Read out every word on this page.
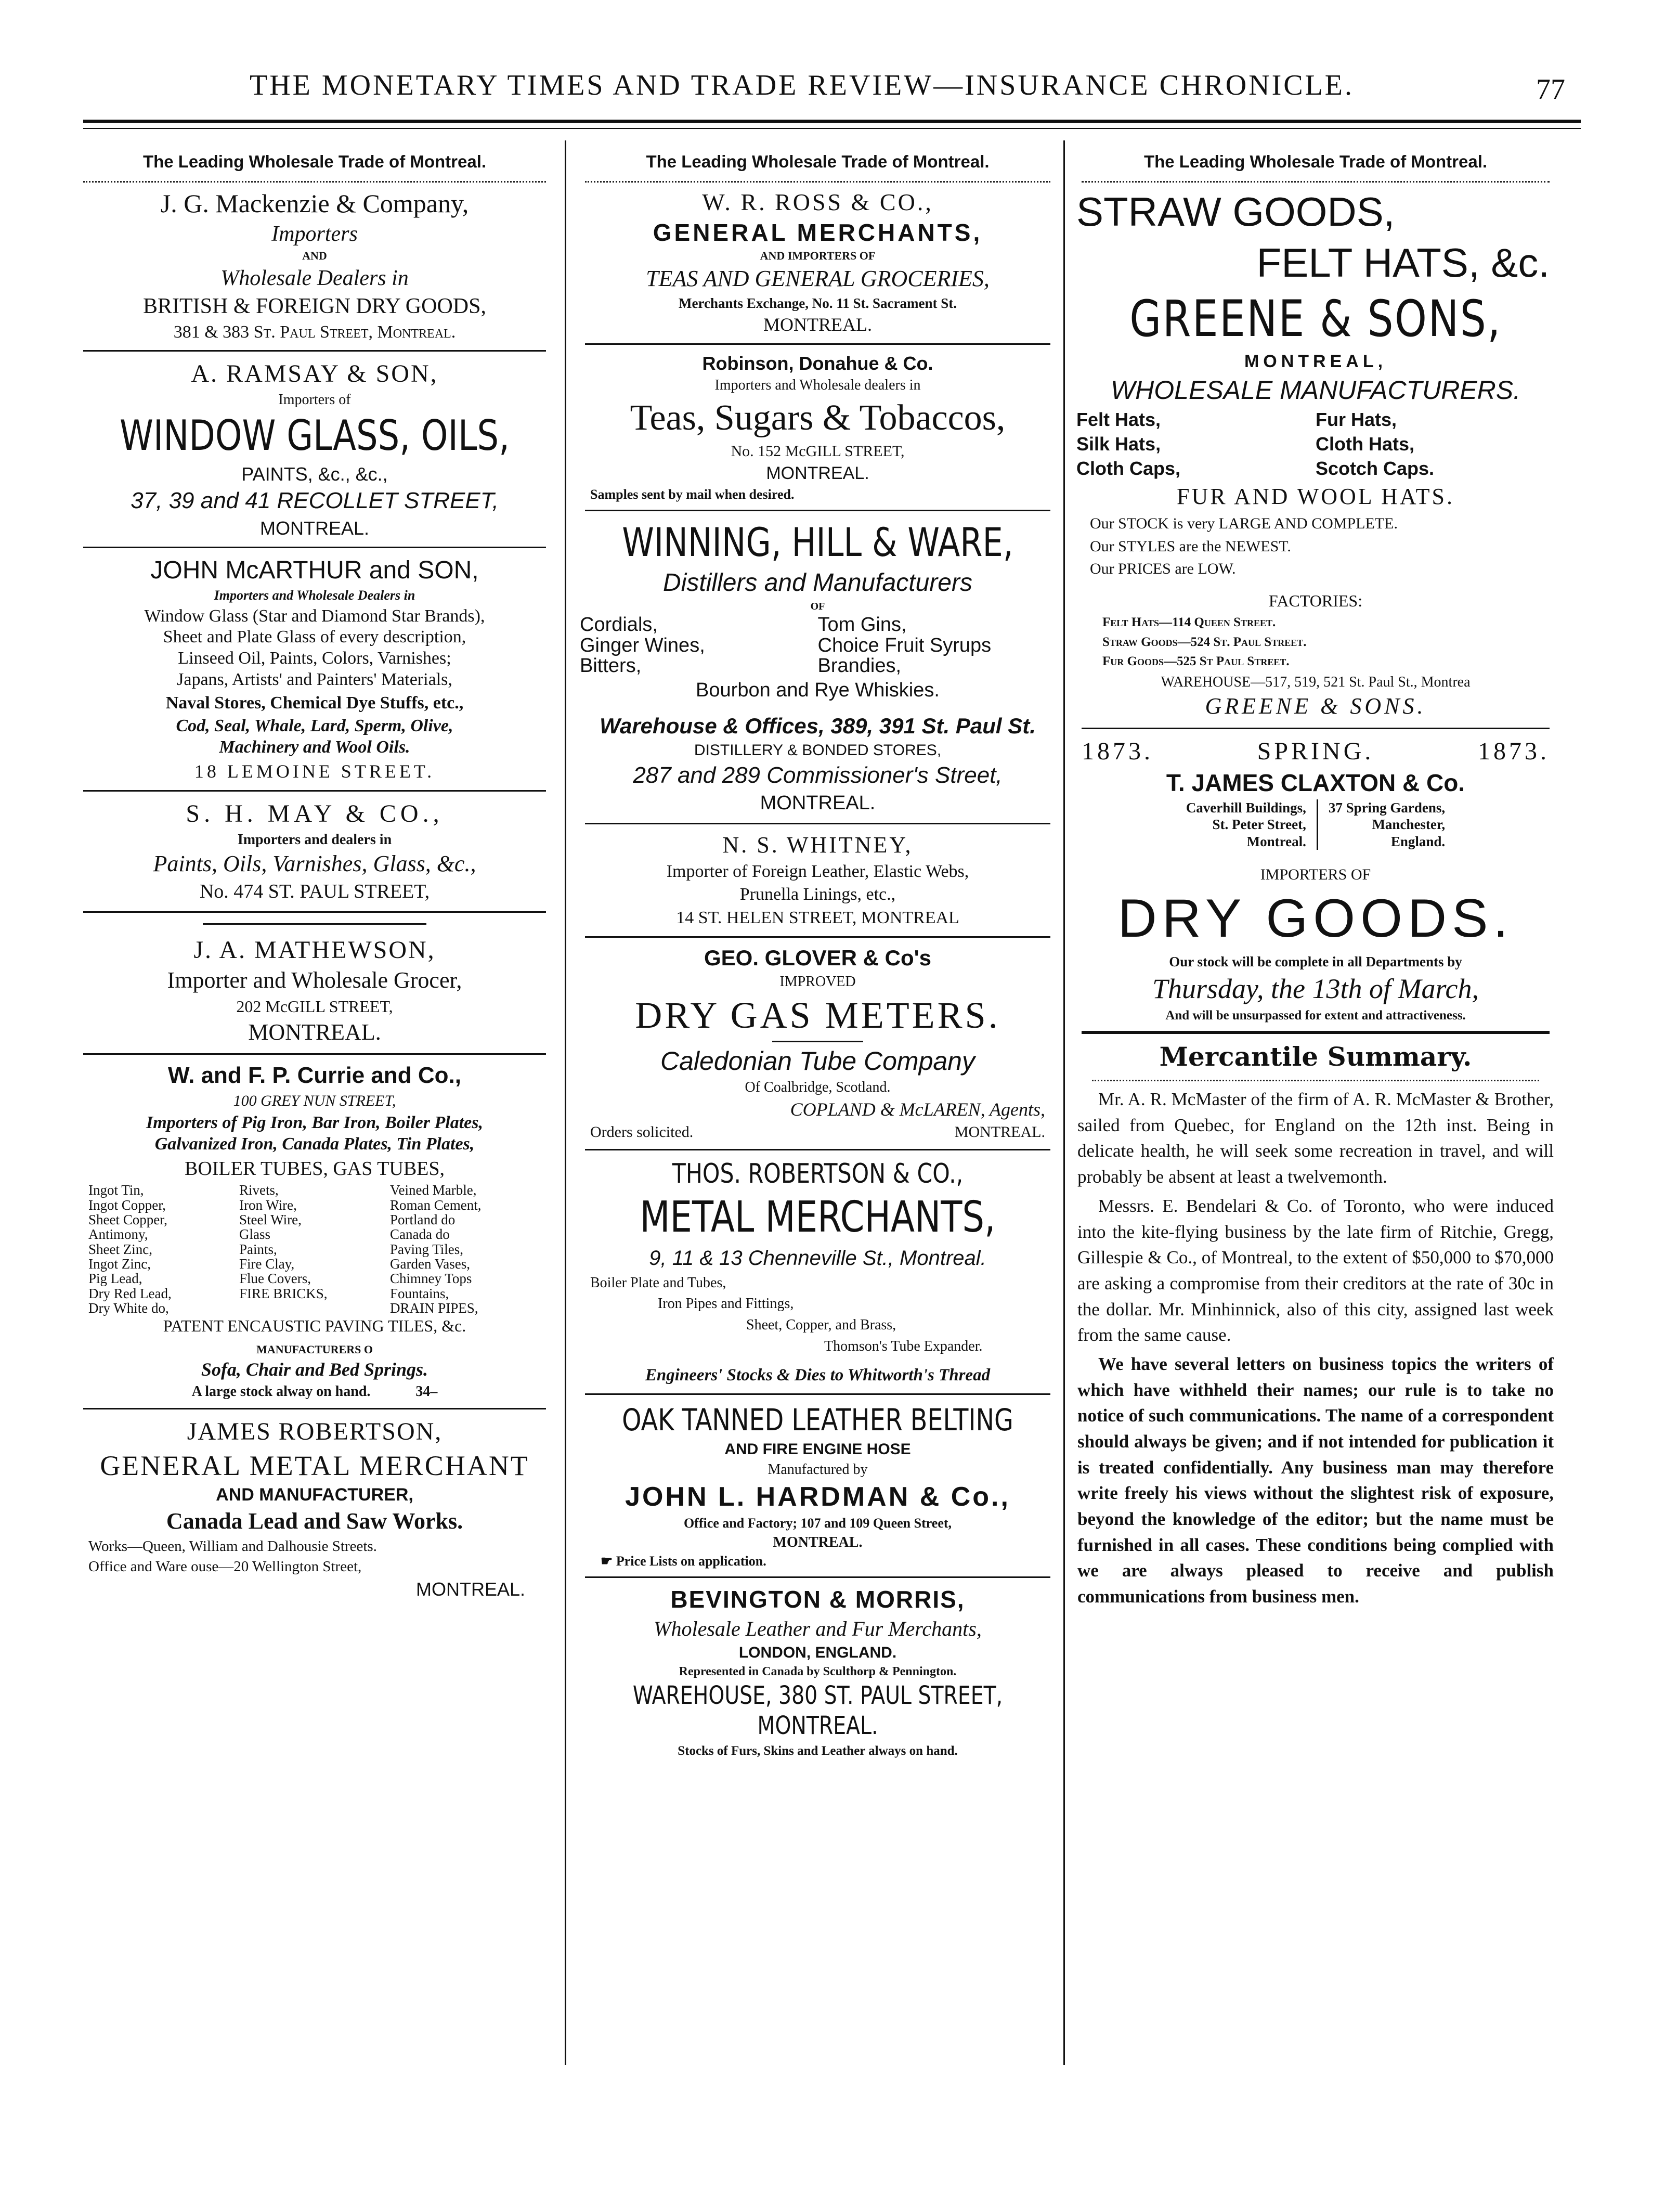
THE MONETARY TIMES AND TRADE REVIEW—INSURANCE CHRONICLE.	77

The Leading Wholesale Trade of Montreal.

J. G. Mackenzie & Company,

Importers

AND

Wholesale Dealers in

BRITISH & FOREIGN DRY GOODS,

381 & 383 St. Paul Street, Montreal.

A. RAMSAY & SON,

Importers of

WINDOW GLASS, OILS,

PAINTS, &c., &c.,

37, 39 and 41 RECOLLET STREET,

MONTREAL.

JOHN McARTHUR and SON,

Importers and Wholesale Dealers in

Window Glass (Star and Diamond Star Brands),

Sheet and Plate Glass of every description,

Linseed Oil, Paints, Colors, Varnishes;

Japans, Artists' and Painters' Materials,

Naval Stores, Chemical Dye Stuffs, etc.,

Cod, Seal, Whale, Lard, Sperm, Olive,

Machinery and Wool Oils.

18 LEMOINE STREET.

S. H. MAY & CO.,

Importers and dealers in

Paints, Oils, Varnishes, Glass, &c.,

No. 474 ST. PAUL STREET,

J. A. MATHEWSON,

Importer and Wholesale Grocer,

202 McGILL STREET,

MONTREAL.

W. and F. P. Currie and Co.,

100 GREY NUN STREET,

Importers of Pig Iron, Bar Iron, Boiler Plates,

Galvanized Iron, Canada Plates, Tin Plates,

BOILER TUBES, GAS TUBES,

Ingot Tin,	Rivets,	Veined Marble,
Ingot Copper,	Iron Wire,	Roman Cement,
Sheet Copper,	Steel Wire,	Portland do
Antimony,	Glass	Canada do
Sheet Zinc,	Paints,	Paving Tiles,
Ingot Zinc,	Fire Clay,	Garden Vases,
Pig Lead,	Flue Covers,	Chimney Tops
Dry Red Lead,	FIRE BRICKS,	Fountains,
Dry White do,	DRAIN PIPES,

PATENT ENCAUSTIC PAVING TILES, &c.

MANUFACTURERS O

Sofa, Chair and Bed Springs.

A large stock alway on hand.	34–

JAMES ROBERTSON,

GENERAL METAL MERCHANT

AND MANUFACTURER,

Canada Lead and Saw Works.

Works—Queen, William and Dalhousie Streets.

Office and Ware ouse—20 Wellington Street,

MONTREAL.

The Leading Wholesale Trade of Montreal.

W. R. ROSS & CO.,

GENERAL MERCHANTS,

AND IMPORTERS OF

TEAS AND GENERAL GROCERIES,

Merchants Exchange, No. 11 St. Sacrament St.

MONTREAL.

Robinson, Donahue & Co.

Importers and Wholesale dealers in

Teas, Sugars & Tobaccos,

No. 152 McGILL STREET,

MONTREAL.

Samples sent by mail when desired.

WINNING, HILL & WARE,

Distillers and Manufacturers

OF

Cordials,	Tom Gins,
Ginger Wines,	Choice Fruit Syrups
Bitters,	Brandies,

Bourbon and Rye Whiskies.

Warehouse & Offices, 389, 391 St. Paul St.

DISTILLERY & BONDED STORES,

287 and 289 Commissioner's Street,

MONTREAL.

N. S. WHITNEY,

Importer of Foreign Leather, Elastic Webs,

Prunella Linings, etc.,

14 ST. HELEN STREET, MONTREAL

GEO. GLOVER & Co's

IMPROVED

DRY GAS METERS.

Caledonian Tube Company

Of Coalbridge, Scotland.

COPLAND & McLAREN, Agents,

Orders solicited.	MONTREAL.

THOS. ROBERTSON & CO.,

METAL MERCHANTS,

9, 11 & 13 Chenneville St., Montreal.

Boiler Plate and Tubes,

Iron Pipes and Fittings,

Sheet, Copper, and Brass,

Thomson's Tube Expander.

Engineers' Stocks & Dies to Whitworth's Thread

OAK TANNED LEATHER BELTING

AND FIRE ENGINE HOSE

Manufactured by

JOHN L. HARDMAN & Co.,

Office and Factory; 107 and 109 Queen Street,

MONTREAL.

☛ Price Lists on application.

BEVINGTON & MORRIS,

Wholesale Leather and Fur Merchants,

LONDON, ENGLAND.

Represented in Canada by Sculthorp & Pennington.

WAREHOUSE, 380 ST. PAUL STREET, MONTREAL.

Stocks of Furs, Skins and Leather always on hand.

The Leading Wholesale Trade of Montreal.

STRAW GOODS,

FELT HATS, &c.

GREENE & SONS,

MONTREAL,

WHOLESALE MANUFACTURERS.

Felt Hats,	Fur Hats,
Silk Hats,	Cloth Hats,
Cloth Caps,	Scotch Caps.

FUR AND WOOL HATS.

Our STOCK is very LARGE AND COMPLETE.

Our STYLES are the NEWEST.

Our PRICES are LOW.

FACTORIES:

Felt Hats—114 Queen Street.

Straw Goods—524 St. Paul Street.

Fur Goods—525 St Paul Street.

WAREHOUSE—517, 519, 521 St. Paul St., Montrea

GREENE & SONS.

1873.	SPRING.	1873.

T. JAMES CLAXTON & Co.

Caverhill Buildings,

St. Peter Street,

Montreal.

37 Spring Gardens,

Manchester,

England.

IMPORTERS OF

DRY GOODS.

Our stock will be complete in all Departments by

Thursday, the 13th of March,

And will be unsurpassed for extent and attractiveness.

Mercantile Summary.

Mr. A. R. McMaster of the firm of A. R. McMaster & Brother, sailed from Quebec, for England on the 12th inst. Being in delicate health, he will seek some recreation in travel, and will probably be absent at least a twelvemonth.

Messrs. E. Bendelari & Co. of Toronto, who were induced into the kite-flying business by the late firm of Ritchie, Gregg, Gillespie & Co., of Montreal, to the extent of $50,000 to $70,000 are asking a compromise from their creditors at the rate of 30c in the dollar. Mr. Minhinnick, also of this city, assigned last week from the same cause.

We have several letters on business topics the writers of which have withheld their names; our rule is to take no notice of such communications. The name of a correspondent should always be given; and if not intended for publication it is treated confidentially. Any business man may therefore write freely his views without the slightest risk of exposure, beyond the knowledge of the editor; but the name must be furnished in all cases. These conditions being complied with we are always pleased to receive and publish communications from business men.
